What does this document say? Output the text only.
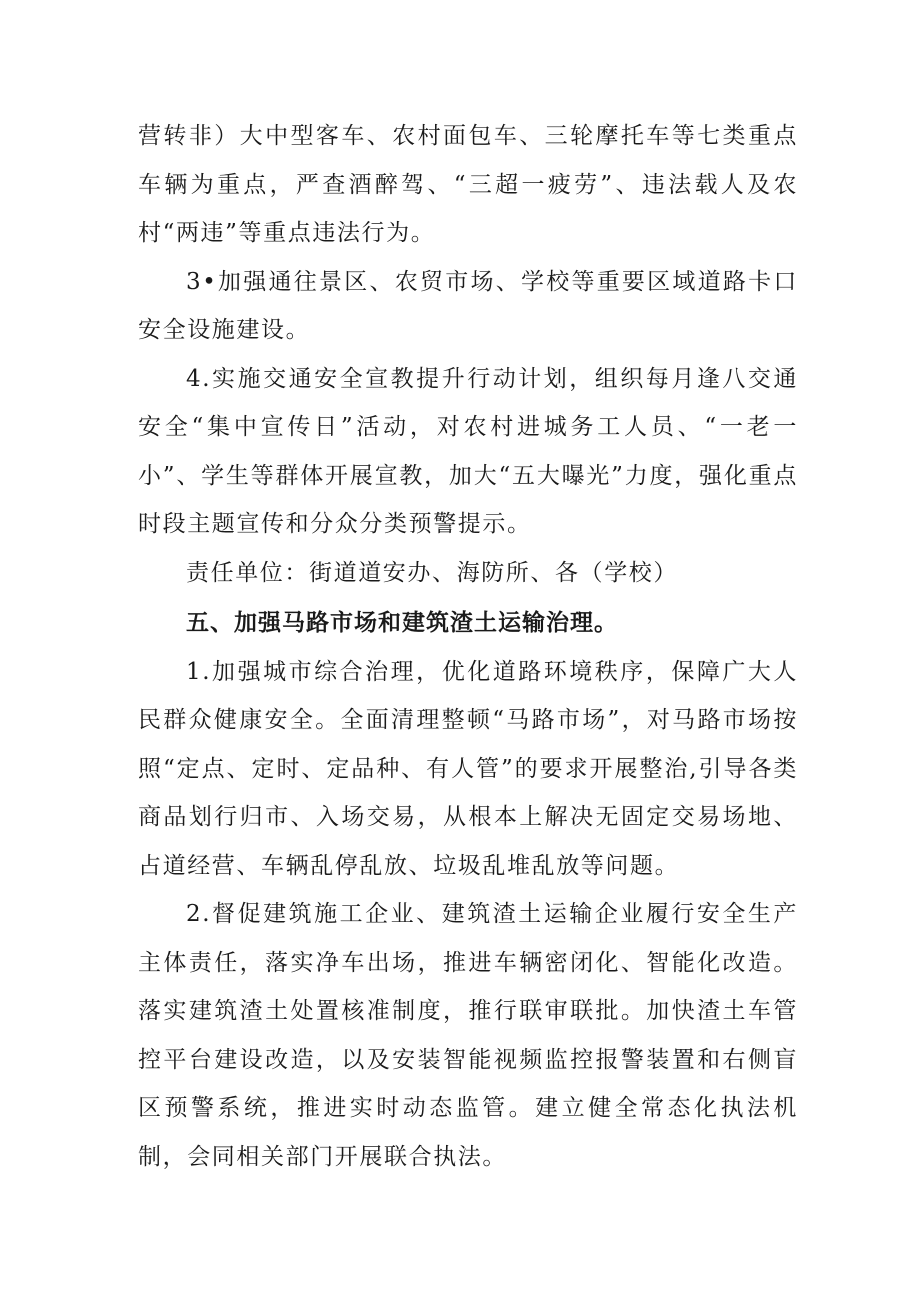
营转非）大中型客车、农村面包车、三轮摩托车等七类重点车辆为重点，严查酒醉驾、“三超一疲劳”、违法载人及农村“两违”等重点违法行为。

3•加强通往景区、农贸市场、学校等重要区域道路卡口安全设施建设。

4.实施交通安全宣教提升行动计划，组织每月逢八交通安全“集中宣传日”活动，对农村进城务工人员、“一老一小”、学生等群体开展宣教，加大“五大曝光”力度，强化重点时段主题宣传和分众分类预警提示。

责任单位：街道道安办、海防所、各（学校）

五、加强马路市场和建筑渣土运输治理。

1.加强城市综合治理，优化道路环境秩序，保障广大人民群众健康安全。全面清理整顿“马路市场”，对马路市场按照“定点、定时、定品种、有人管”的要求开展整治,引导各类商品划行归市、入场交易，从根本上解决无固定交易场地、占道经营、车辆乱停乱放、垃圾乱堆乱放等问题。

2.督促建筑施工企业、建筑渣土运输企业履行安全生产主体责任，落实净车出场，推进车辆密闭化、智能化改造。落实建筑渣土处置核准制度，推行联审联批。加快渣土车管控平台建设改造，以及安装智能视频监控报警装置和右侧盲区预警系统，推进实时动态监管。建立健全常态化执法机制，会同相关部门开展联合执法。
